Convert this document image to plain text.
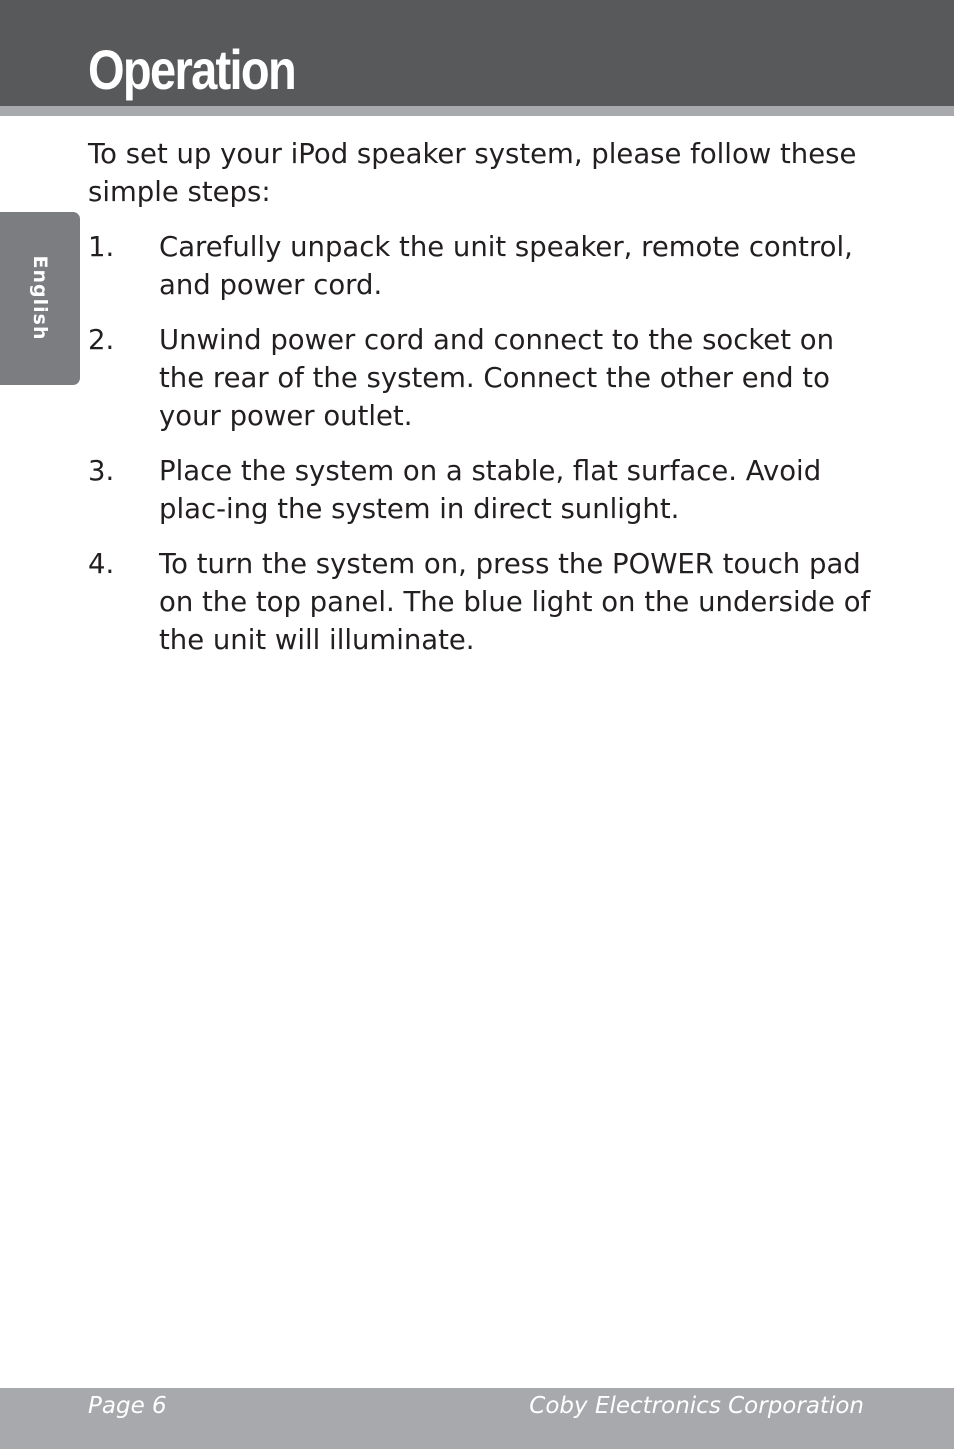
Operation
English

To set up your iPod speaker system, please follow these simple steps:

1.	Carefully unpack the unit speaker, remote control, and power cord.
2.	Unwind power cord and connect to the socket on the rear of the system. Connect the other end to your power outlet.
3.	Place the system on a stable, flat surface. Avoid plac-ing the system in direct sunlight.
4.	To turn the system on, press the POWER touch pad on the top panel. The blue light on the underside of the unit will illuminate.
Page 6	Coby Electronics Corporation
